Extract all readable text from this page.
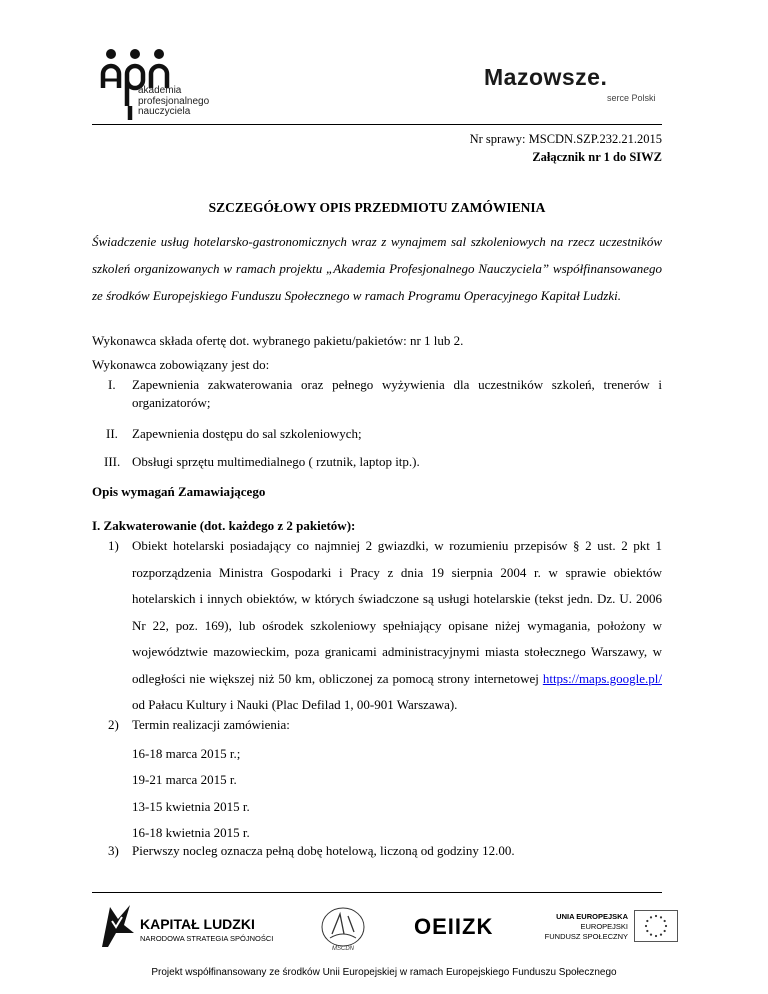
akademia
profesjonalnego
nauczyciela
Mazowsze.
serce Polski
Nr sprawy: MSCDN.SZP.232.21.2015
Załącznik nr 1 do SIWZ
SZCZEGÓŁOWY OPIS PRZEDMIOTU ZAMÓWIENIA
Świadczenie usług hotelarsko-gastronomicznych wraz z wynajmem sal szkoleniowych na rzecz uczestników szkoleń organizowanych w ramach projektu „Akademia Profesjonalnego Nauczyciela” współfinansowanego ze środków Europejskiego Funduszu Społecznego w ramach Programu Operacyjnego Kapitał Ludzki.
Wykonawca składa ofertę dot. wybranego pakietu/pakietów: nr 1 lub 2.
Wykonawca zobowiązany jest do:
I. Zapewnienia zakwaterowania oraz pełnego wyżywienia dla uczestników szkoleń, trenerów i organizatorów;
II. Zapewnienia dostępu do sal szkoleniowych;
III. Obsługi sprzętu multimedialnego ( rzutnik, laptop itp.).
Opis wymagań Zamawiającego
I. Zakwaterowanie (dot. każdego z 2 pakietów):
1) Obiekt hotelarski posiadający co najmniej 2 gwiazdki, w rozumieniu przepisów § 2 ust. 2 pkt 1 rozporządzenia Ministra Gospodarki i Pracy z dnia 19 sierpnia 2004 r. w sprawie obiektów hotelarskich i innych obiektów, w których świadczone są usługi hotelarskie (tekst jedn. Dz. U. 2006 Nr 22, poz. 169), lub ośrodek szkoleniowy spełniający opisane niżej wymagania, położony w województwie mazowieckim, poza granicami administracyjnymi miasta stołecznego Warszawy, w odległości nie większej niż 50 km, obliczonej za pomocą strony internetowej https://maps.google.pl/ od Pałacu Kultury i Nauki (Plac Defilad 1, 00-901 Warszawa).
2) Termin realizacji zamówienia:
16-18 marca 2015 r.;
19-21 marca 2015 r.
13-15 kwietnia 2015 r.
16-18 kwietnia 2015 r.
3) Pierwszy nocleg oznacza pełną dobę hotelową, liczoną od godziny 12.00.
KAPITAŁ LUDZKI
NARODOWA STRATEGIA SPÓJNOŚCI
MSCDN
OEIIZK	UNIA EUROPEJSKA
EUROPEJSKI
FUNDUSZ SPOŁECZNY
Projekt współfinansowany ze środków Unii Europejskiej w ramach Europejskiego Funduszu Społecznego
